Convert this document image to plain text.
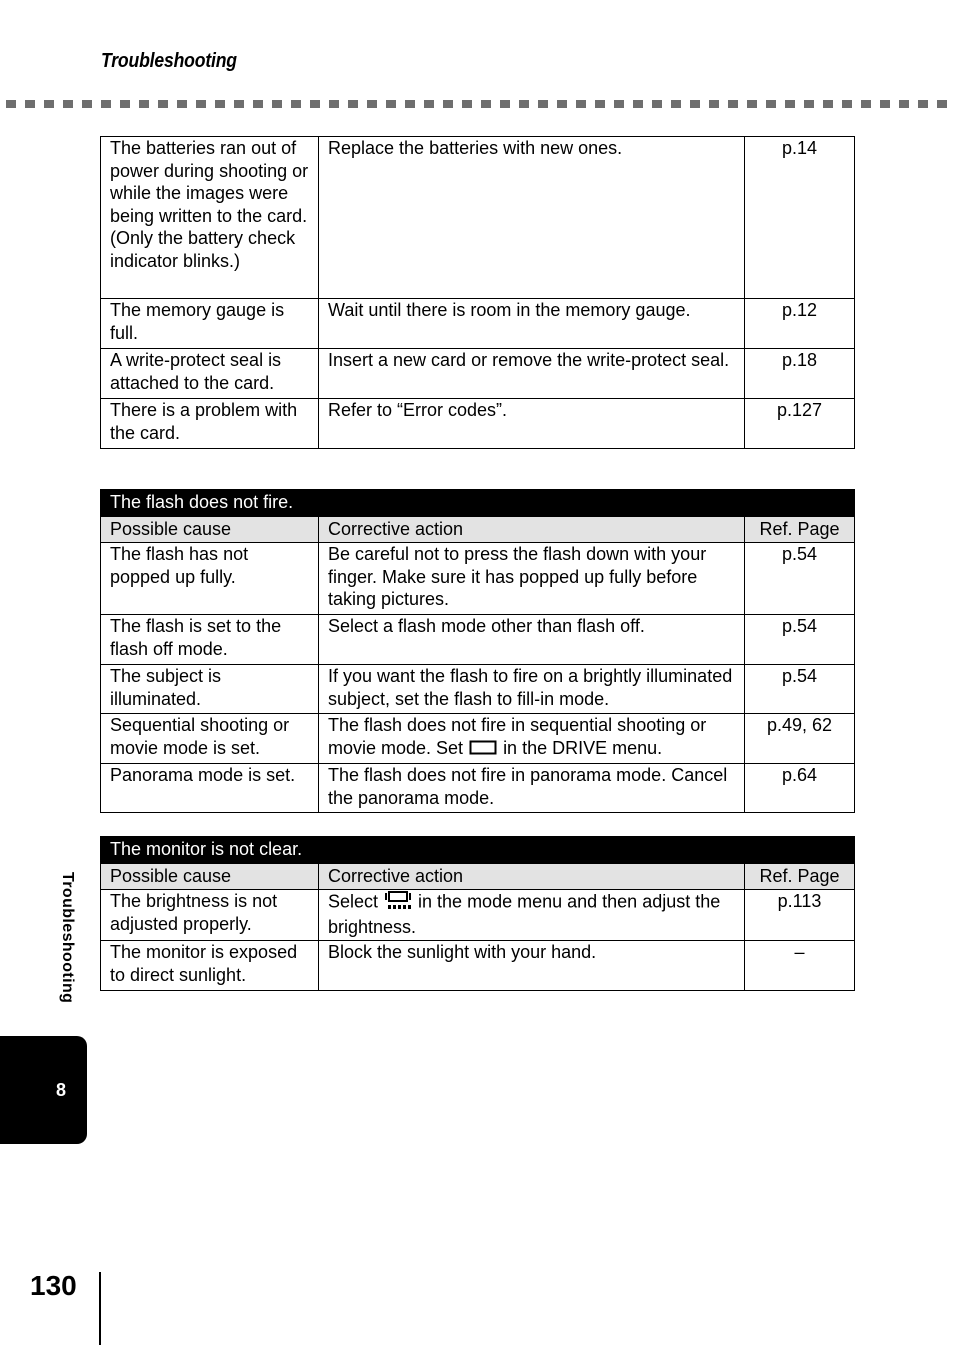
Troubleshooting
The batteries ran out of power during shooting or while the images were being written to the card. (Only the battery check indicator blinks.)	Replace the batteries with new ones.	p.14
The memory gauge is full.	Wait until there is room in the memory gauge.	p.12
A write-protect seal is attached to the card.	Insert a new card or remove the write-protect seal.	p.18
There is a problem with the card.	Refer to “Error codes”.	p.127
The flash does not fire.		
Possible cause	Corrective action	Ref. Page
The flash has not popped up fully.	Be careful not to press the flash down with your finger. Make sure it has popped up fully before taking pictures.	p.54
The flash is set to the flash off mode.	Select a flash mode other than flash off.	p.54
The subject is illuminated.	If you want the flash to fire on a brightly illuminated subject, set the flash to fill-in mode.	p.54
Sequential shooting or movie mode is set.	The flash does not fire in sequential shooting or movie mode. Set in the DRIVE menu.	p.49, 62
Panorama mode is set.	The flash does not fire in panorama mode. Cancel the panorama mode.	p.64
The monitor is not clear.		
Possible cause	Corrective action	Ref. Page
The brightness is not adjusted properly.	Select in the mode menu and then adjust the brightness.	p.113
The monitor is exposed to direct sunlight.	Block the sunlight with your hand.	–
Troubleshooting
8
130
